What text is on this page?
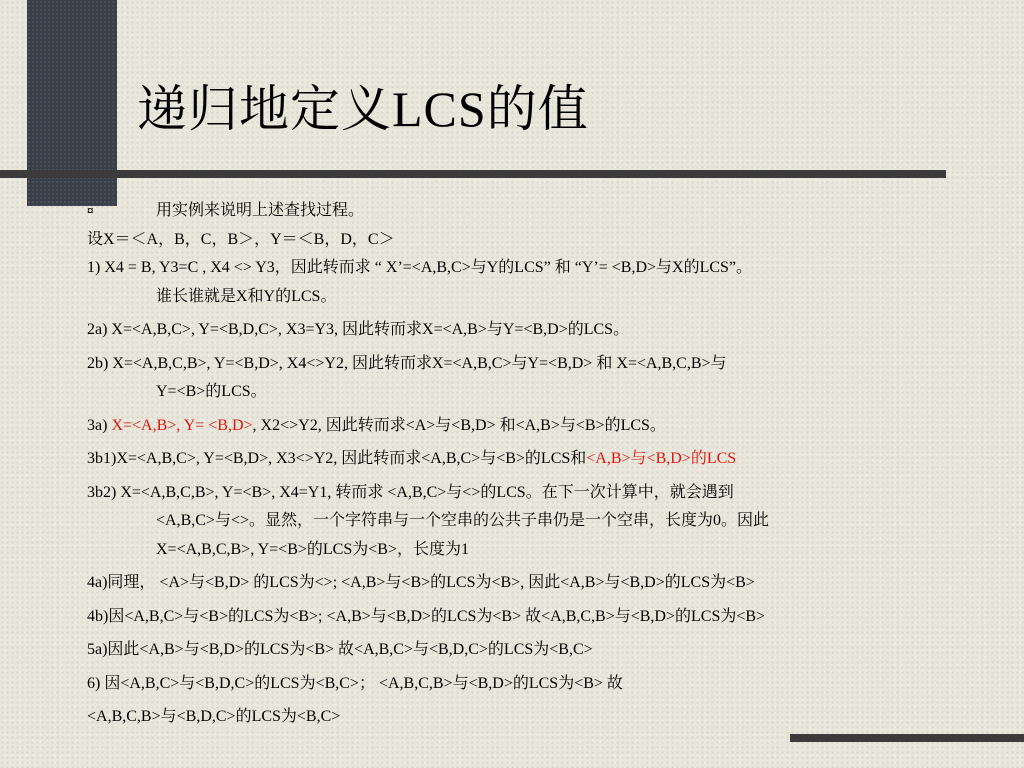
递归地定义LCS的值
¤	用实例来说明上述查找过程。
设X＝＜A，B，C，B＞，Y＝＜B，D，C＞
1) X4 = B, Y3=C , X4 <> Y3，因此转而求 “ X’=<A,B,C>与Y的LCS” 和 “Y’= <B,D>与X的LCS”。
谁长谁就是X和Y的LCS。
2a) X=<A,B,C>, Y=<B,D,C>, X3=Y3, 因此转而求X=<A,B>与Y=<B,D>的LCS。
2b) X=<A,B,C,B>, Y=<B,D>, X4<>Y2, 因此转而求X=<A,B,C>与Y=<B,D> 和 X=<A,B,C,B>与
Y=<B>的LCS。
3a) X=<A,B>, Y= <B,D>, X2<>Y2, 因此转而求<A>与<B,D> 和<A,B>与<B>的LCS。
3b1)X=<A,B,C>, Y=<B,D>, X3<>Y2, 因此转而求<A,B,C>与<B>的LCS和<A,B>与<B,D>的LCS
3b2) X=<A,B,C,B>, Y=<B>, X4=Y1, 转而求 <A,B,C>与<>的LCS。在下一次计算中，就会遇到
<A,B,C>与<>。显然，一个字符串与一个空串的公共子串仍是一个空串，长度为0。因此
X=<A,B,C,B>, Y=<B>的LCS为<B>，长度为1
4a)同理， <A>与<B,D> 的LCS为<>; <A,B>与<B>的LCS为<B>, 因此<A,B>与<B,D>的LCS为<B>
4b)因<A,B,C>与<B>的LCS为<B>; <A,B>与<B,D>的LCS为<B> 故<A,B,C,B>与<B,D>的LCS为<B>
5a)因此<A,B>与<B,D>的LCS为<B> 故<A,B,C>与<B,D,C>的LCS为<B,C>
6) 因<A,B,C>与<B,D,C>的LCS为<B,C>； <A,B,C,B>与<B,D>的LCS为<B> 故
<A,B,C,B>与<B,D,C>的LCS为<B,C>
